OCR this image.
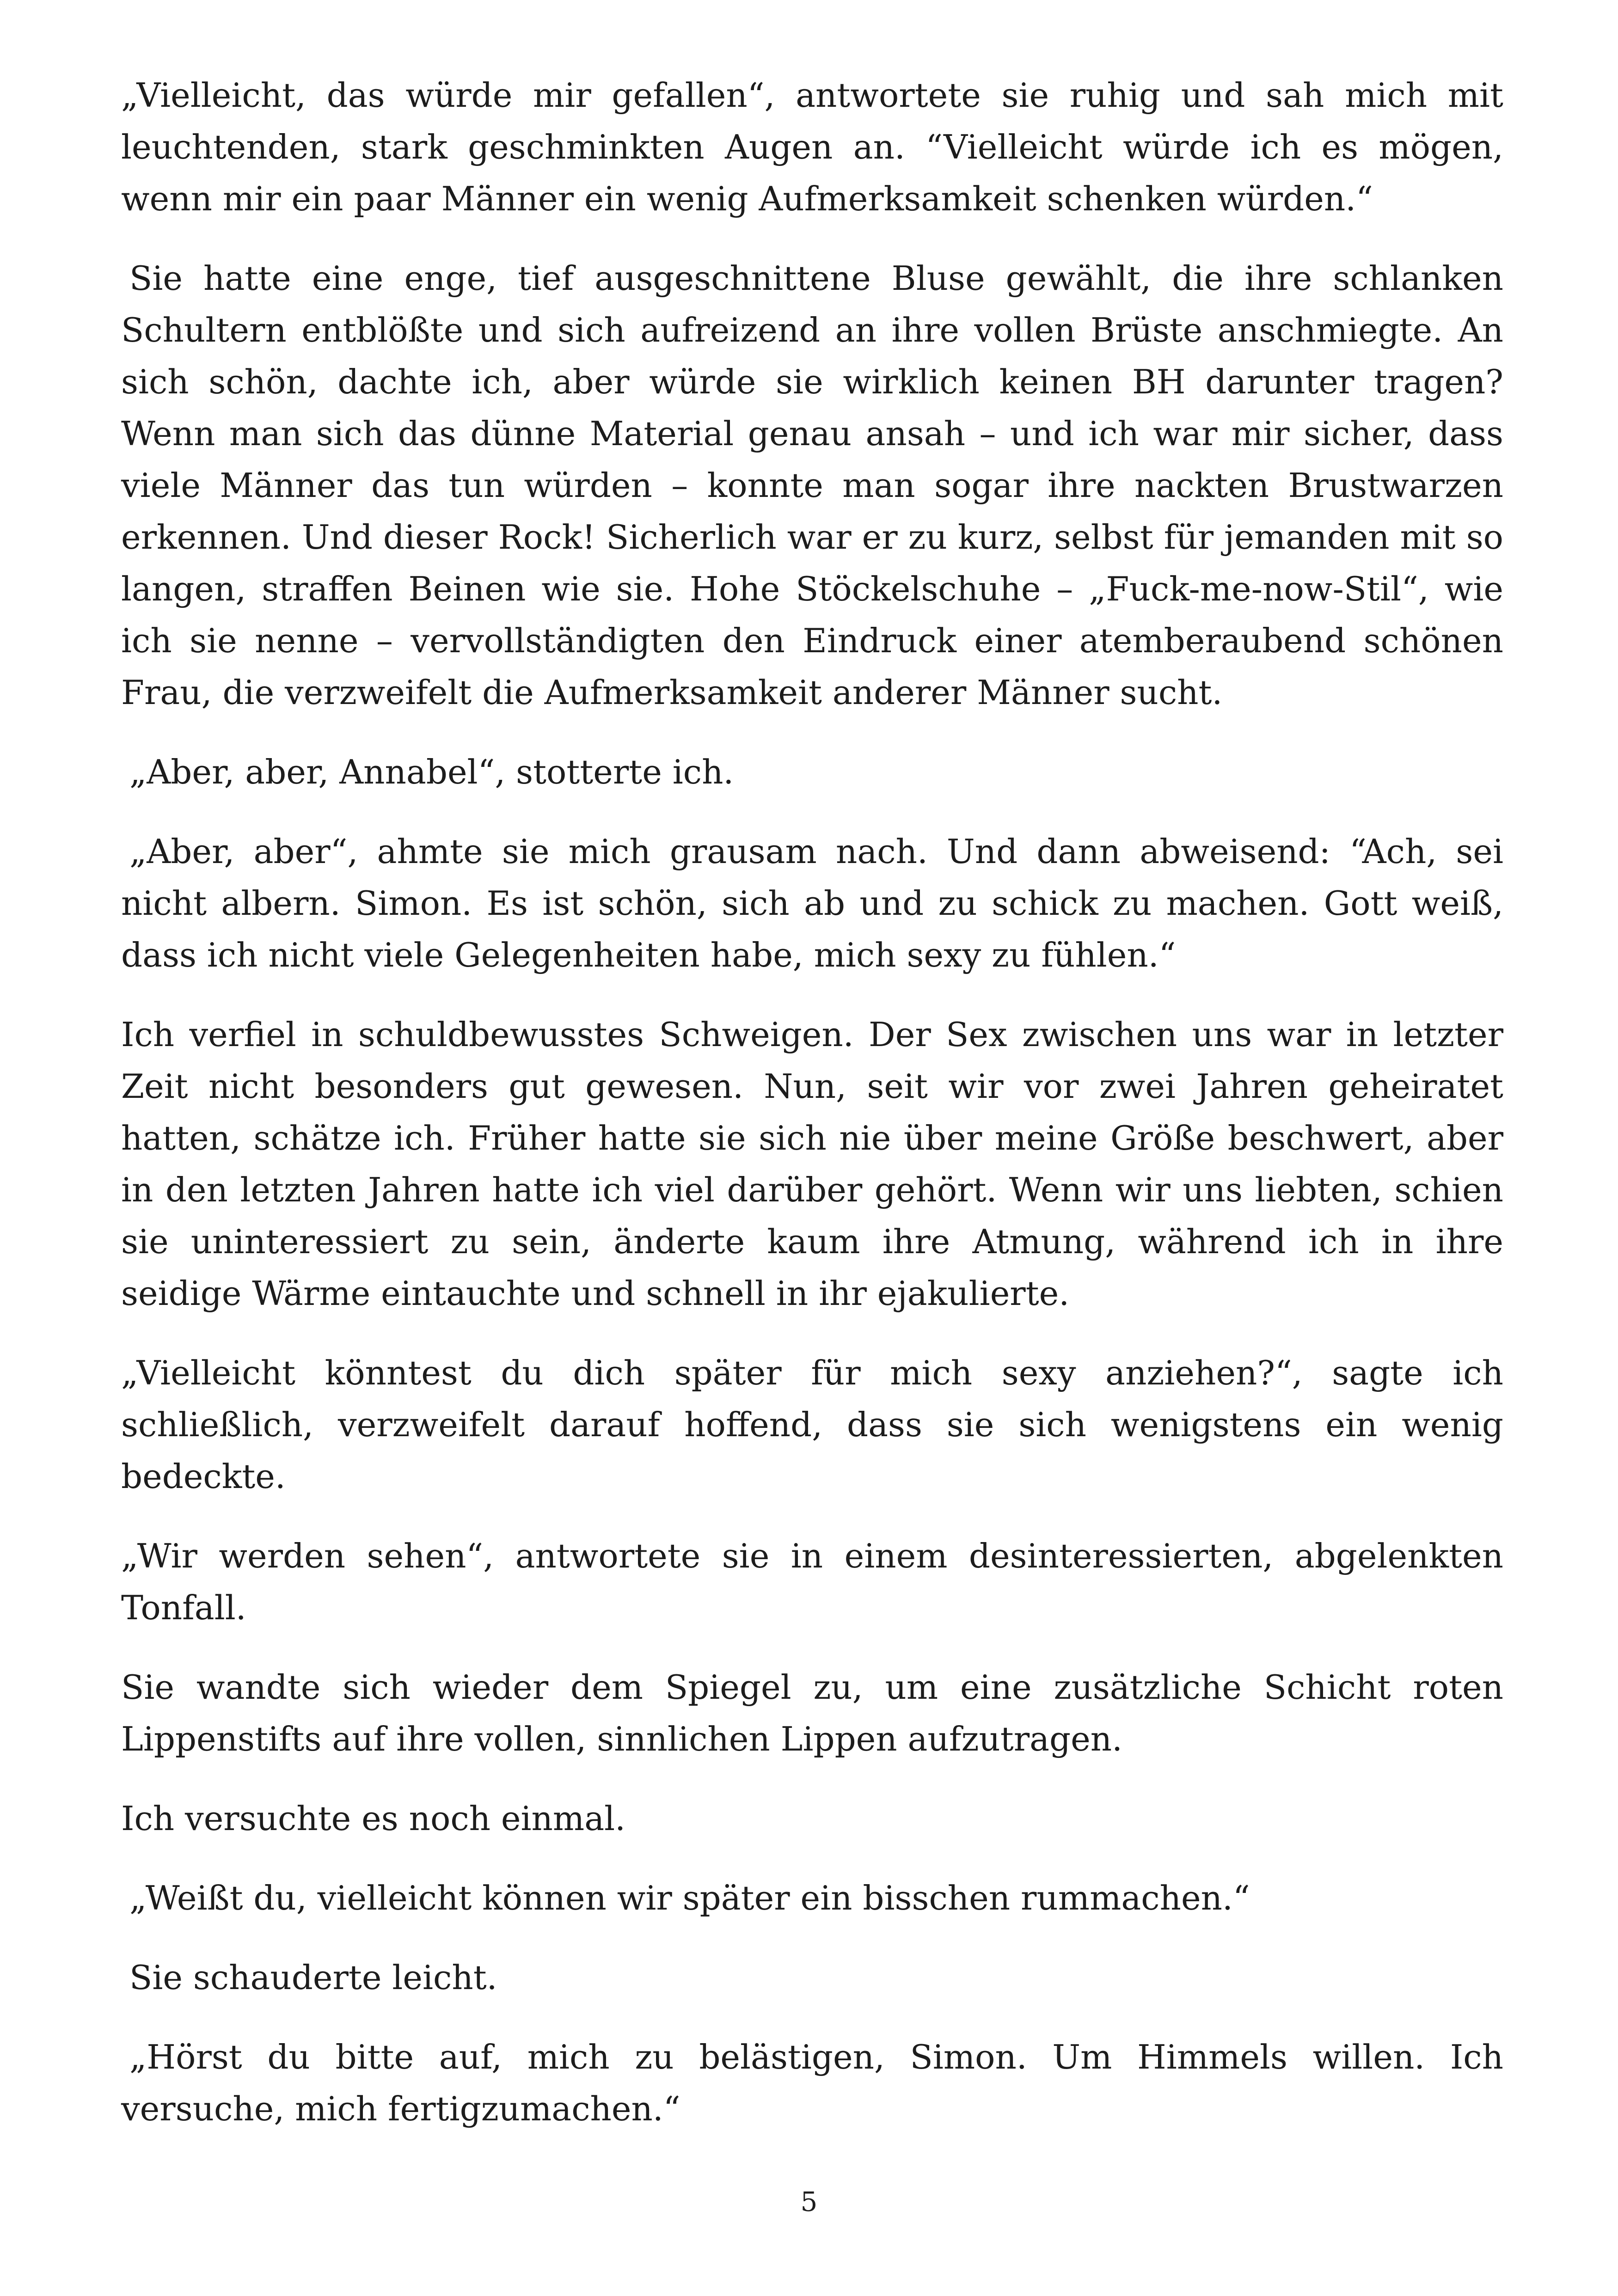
„Vielleicht, das würde mir gefallen“, antwortete sie ruhig und sah mich mit leuchtenden, stark geschminkten Augen an. “Vielleicht würde ich es mögen, wenn mir ein paar Männer ein wenig Aufmerksamkeit schenken würden.“

Sie hatte eine enge, tief ausgeschnittene Bluse gewählt, die ihre schlanken Schultern entblößte und sich aufreizend an ihre vollen Brüste anschmiegte. An sich schön, dachte ich, aber würde sie wirklich keinen BH darunter tragen? Wenn man sich das dünne Material genau ansah – und ich war mir sicher, dass viele Männer das tun würden – konnte man sogar ihre nackten Brustwarzen erkennen. Und dieser Rock! Sicherlich war er zu kurz, selbst für jemanden mit so langen, straffen Beinen wie sie. Hohe Stöckelschuhe – „Fuck-me-now-Stil“, wie ich sie nenne – vervollständigten den Eindruck einer atemberaubend schönen Frau, die verzweifelt die Aufmerksamkeit anderer Männer sucht.

„Aber, aber, Annabel“, stotterte ich.

„Aber, aber“, ahmte sie mich grausam nach. Und dann abweisend: “Ach, sei nicht albern. Simon. Es ist schön, sich ab und zu schick zu machen. Gott weiß, dass ich nicht viele Gelegenheiten habe, mich sexy zu fühlen.“

Ich verfiel in schuldbewusstes Schweigen. Der Sex zwischen uns war in letzter Zeit nicht besonders gut gewesen. Nun, seit wir vor zwei Jahren geheiratet hatten, schätze ich. Früher hatte sie sich nie über meine Größe beschwert, aber in den letzten Jahren hatte ich viel darüber gehört. Wenn wir uns liebten, schien sie uninteressiert zu sein, änderte kaum ihre Atmung, während ich in ihre seidige Wärme eintauchte und schnell in ihr ejakulierte.

„Vielleicht könntest du dich später für mich sexy anziehen?“, sagte ich schließlich, verzweifelt darauf hoffend, dass sie sich wenigstens ein wenig bedeckte.

„Wir werden sehen“, antwortete sie in einem desinteressierten, abgelenkten Tonfall.

Sie wandte sich wieder dem Spiegel zu, um eine zusätzliche Schicht roten Lippenstifts auf ihre vollen, sinnlichen Lippen aufzutragen.

Ich versuchte es noch einmal.

„Weißt du, vielleicht können wir später ein bisschen rummachen.“

Sie schauderte leicht.

„Hörst du bitte auf, mich zu belästigen, Simon. Um Himmels willen. Ich versuche, mich fertigzumachen.“

5
